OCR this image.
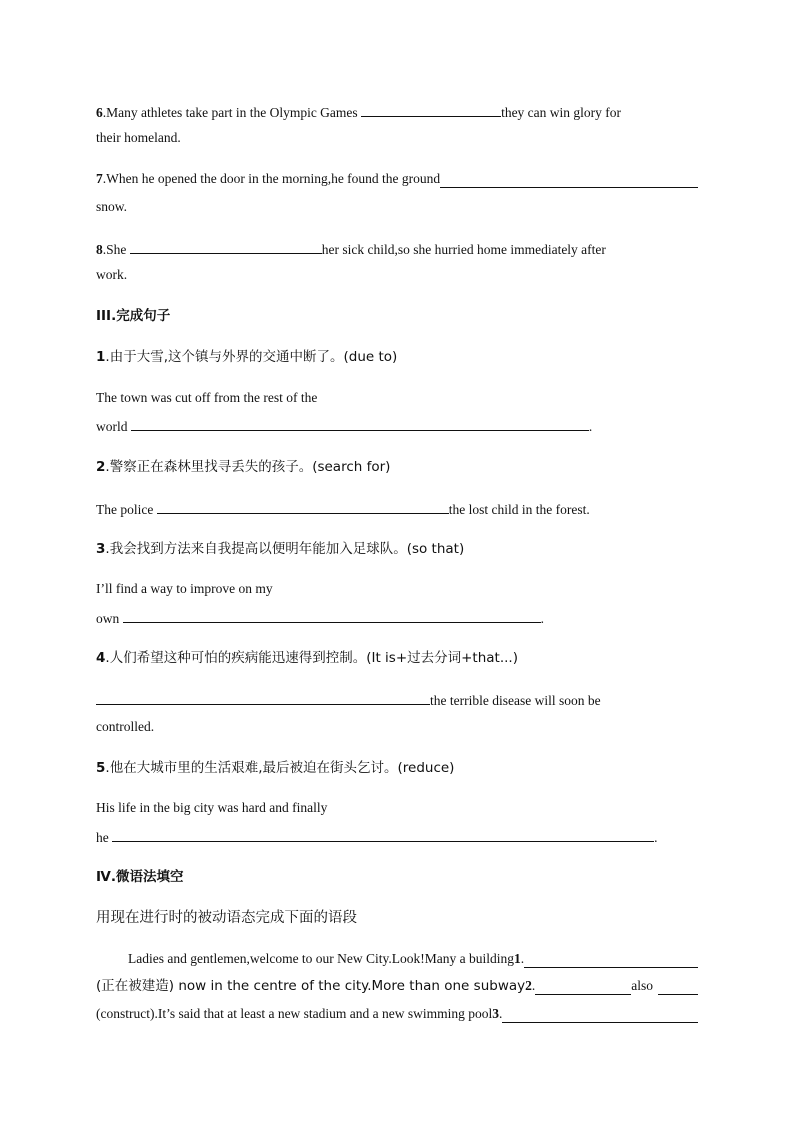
6.Many athletes take part in the Olympic Games	they can win glory for
their homeland.
7 .When he opened the door in the morning,he found the ground
snow.
8.She	her sick child,so she hurried home immediately after
work.
III.完成句子
1.由于大雪,这个镇与外界的交通中断了。(due to)
The town was cut off from the rest of the
world	.
2.警察正在森林里找寻丢失的孩子。(search for)
The police	the lost child in the forest.
3.我会找到方法来自我提高以便明年能加入足球队。(so that)
I’ll find a way to improve on my
own	.
4.人们希望这种可怕的疾病能迅速得到控制。(It is+过去分词+that...)
the terrible disease will soon be
controlled.
5.他在大城市里的生活艰难,最后被迫在街头乞讨。(reduce)
His life in the big city was hard and finally
he	.
Ⅳ.微语法填空
用现在进行时的被动语态完成下面的语段
Ladies and gentlemen,welcome to our New City.Look!Many a building 1 .
(正在被建造) now in the centre of the city.More than one subway 2 .	also
(construct).It’s said that at least a new stadium and a new swimming pool 3 .
